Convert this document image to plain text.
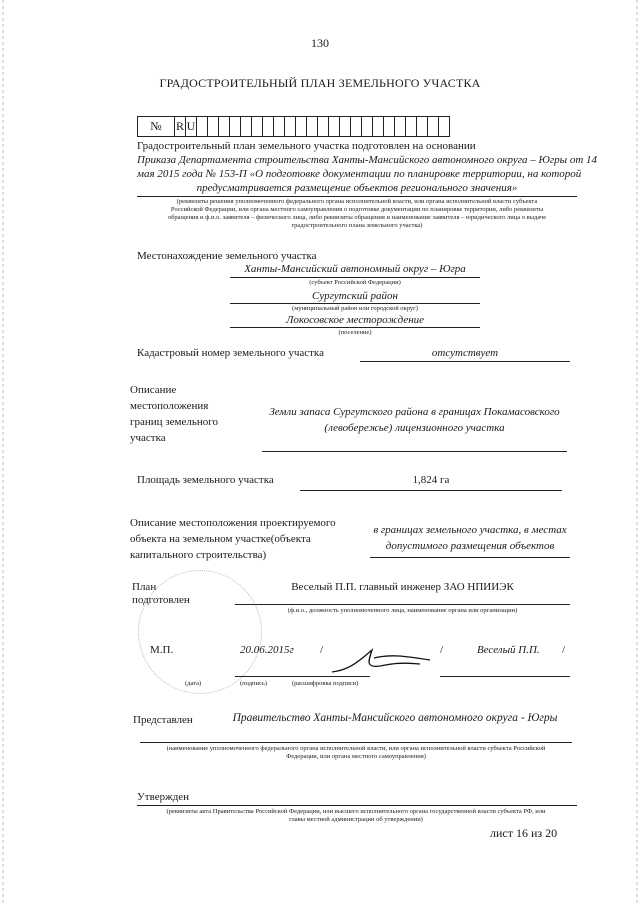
130
ГРАДОСТРОИТЕЛЬНЫЙ ПЛАН ЗЕМЕЛЬНОГО УЧАСТКА
№	R	U																							
Градостроительный план земельного участка подготовлен на основании
Приказа Департамента строительства Ханты-Мансийского автономного округа – Югры от 14
мая 2015 года № 153-П «О подготовке документации по планировке территории, на которой
предусматривается размещение объектов регионального значения»
(реквизиты решения уполномоченного федерального органа исполнительной власти, или органа исполнительной власти субъекта
Российской Федерации, или органа местного самоуправления о подготовке документации по планировке территории, либо реквизиты
обращения и ф.и.о. заявителя – физического лица, либо реквизиты обращения и наименование заявителя – юридического лица о выдаче
градостроительного плана земельного участка)
Местонахождение земельного участка
Ханты-Мансийский автономный округ – Югра
(субъект Российской Федерации)
Сургутский район
(муниципальный район или городской округ)
Локосовское месторождение
(поселение)
Кадастровый номер земельного участка	отсутствует
Описание
местоположения
границ земельного
участка
Земли запаса Сургутского района в границах Покамасовского
(левобережье) лицензионного участка
Площадь земельного участка	1,824 га
Описание местоположения проектируемого
объекта на земельном участке(объекта
капитального строительства)
в границах земельного участка, в местах
допустимого размещения объектов
План
подготовлен
Веселый П.П. главный инженер ЗАО НПИИЭК
(ф.и.о., должность уполномоченного лица, наименование органа или организации)
М.П.	20.06.2015г /	/	Веселый П.П. /
(дата)	(подпись)	(расшифровка подписи)
Представлен	Правительство Ханты-Мансийского автономного округа - Югры
(наименование уполномоченного федерального органа исполнительной власти, или органа исполнительной власти субъекта Российской
Федерации, или органа местного самоуправления)
Утвержден
(реквизиты акта Правительства Российской Федерации, или высшего исполнительного органа государственной власти субъекта РФ, или
главы местной администрации об утверждении)
лист 16 из 20
